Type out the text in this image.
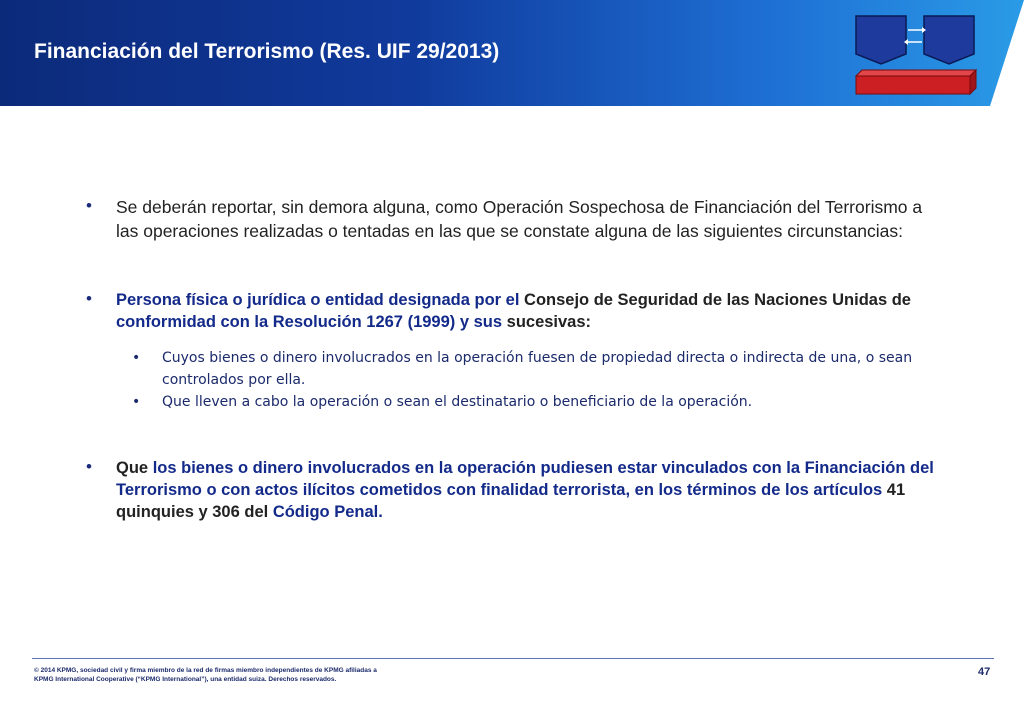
Financiación del Terrorismo (Res. UIF 29/2013)
• Se deberán reportar, sin demora alguna, como Operación Sospechosa de Financiación del Terrorismo a las operaciones realizadas o tentadas en las que se constate alguna de las siguientes circunstancias:
• Persona física o jurídica o entidad designada por el Consejo de Seguridad de las Naciones Unidas de conformidad con la Resolución 1267 (1999) y sus sucesivas:
• Cuyos bienes o dinero involucrados en la operación fuesen de propiedad directa o indirecta de una, o sean controlados por ella.
• Que lleven a cabo la operación o sean el destinatario o beneficiario de la operación.
• Que los bienes o dinero involucrados en la operación pudiesen estar vinculados con la Financiación del Terrorismo o con actos ilícitos cometidos con finalidad terrorista, en los términos de los artículos 41 quinquies y 306 del Código Penal.
© 2014 KPMG, sociedad civil y firma miembro de la red de firmas miembro independientes de KPMG afiliadas a
KPMG International Cooperative (“KPMG International”), una entidad suiza. Derechos reservados.
47
